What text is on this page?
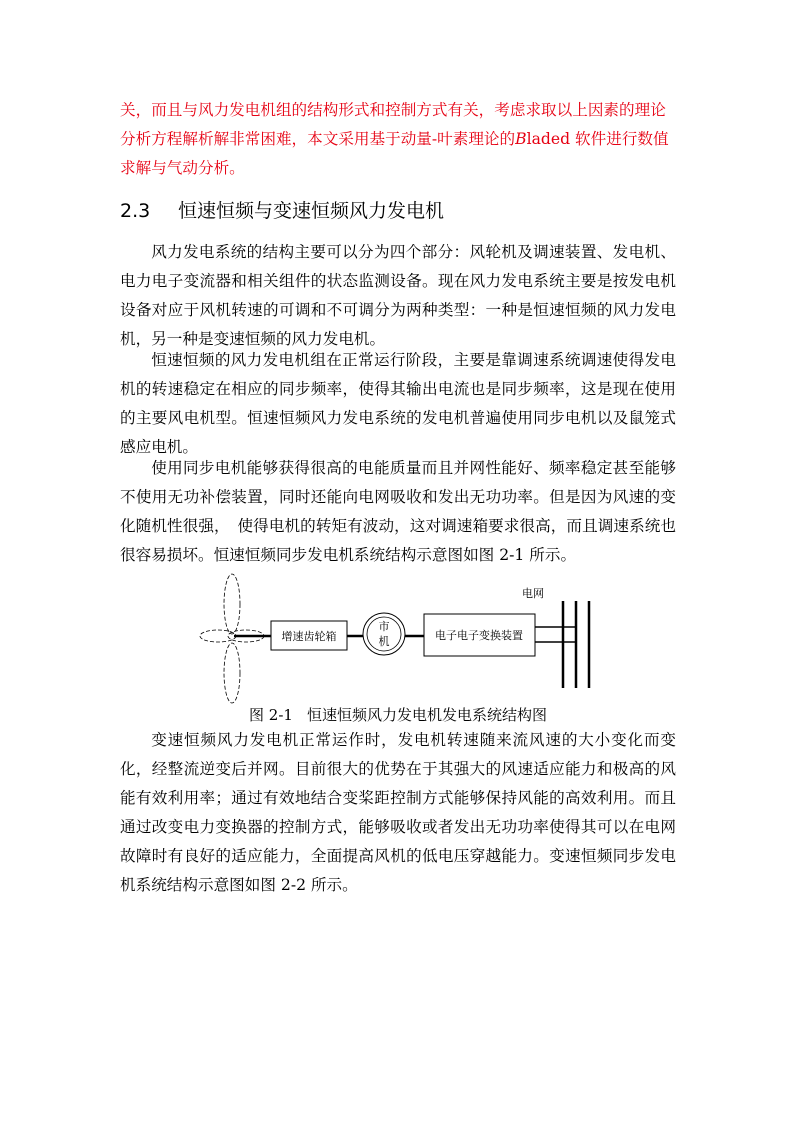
关，而且与风力发电机组的结构形式和控制方式有关，考虑求取以上因素的理论
分析方程解析解非常困难，本文采用基于动量-叶素理论的Bladed 软件进行数值
求解与气动分析。
2.3 恒速恒频与变速恒频风力发电机

风力发电系统的结构主要可以分为四个部分：风轮机及调速装置、发电机、电力电子变流器和相关组件的状态监测设备。现在风力发电系统主要是按发电机设备对应于风机转速的可调和不可调分为两种类型：一种是恒速恒频的风力发电机，另一种是变速恒频的风力发电机。

恒速恒频的风力发电机组在正常运行阶段，主要是靠调速系统调速使得发电机的转速稳定在相应的同步频率，使得其输出电流也是同步频率，这是现在使用的主要风电机型。恒速恒频风力发电系统的发电机普遍使用同步电机以及鼠笼式感应电机。

使用同步电机能够获得很高的电能质量而且并网性能好、频率稳定甚至能够不使用无功补偿装置，同时还能向电网吸收和发出无功功率。但是因为风速的变化随机性很强，　使得电机的转矩有波动，这对调速箱要求很高，而且调速系统也很容易损坏。恒速恒频同步发电机系统结构示意图如图 2-1 所示。

增速齿轮箱
市
机	电子电子变换装置
电网
图 2-1 恒速恒频风力发电机发电系统结构图

变速恒频风力发电机正常运作时，发电机转速随来流风速的大小变化而变化，经整流逆变后并网。目前很大的优势在于其强大的风速适应能力和极高的风能有效利用率；通过有效地结合变桨距控制方式能够保持风能的高效利用。而且通过改变电力变换器的控制方式，能够吸收或者发出无功功率使得其可以在电网故障时有良好的适应能力，全面提高风机的低电压穿越能力。变速恒频同步发电机系统结构示意图如图 2-2 所示。
